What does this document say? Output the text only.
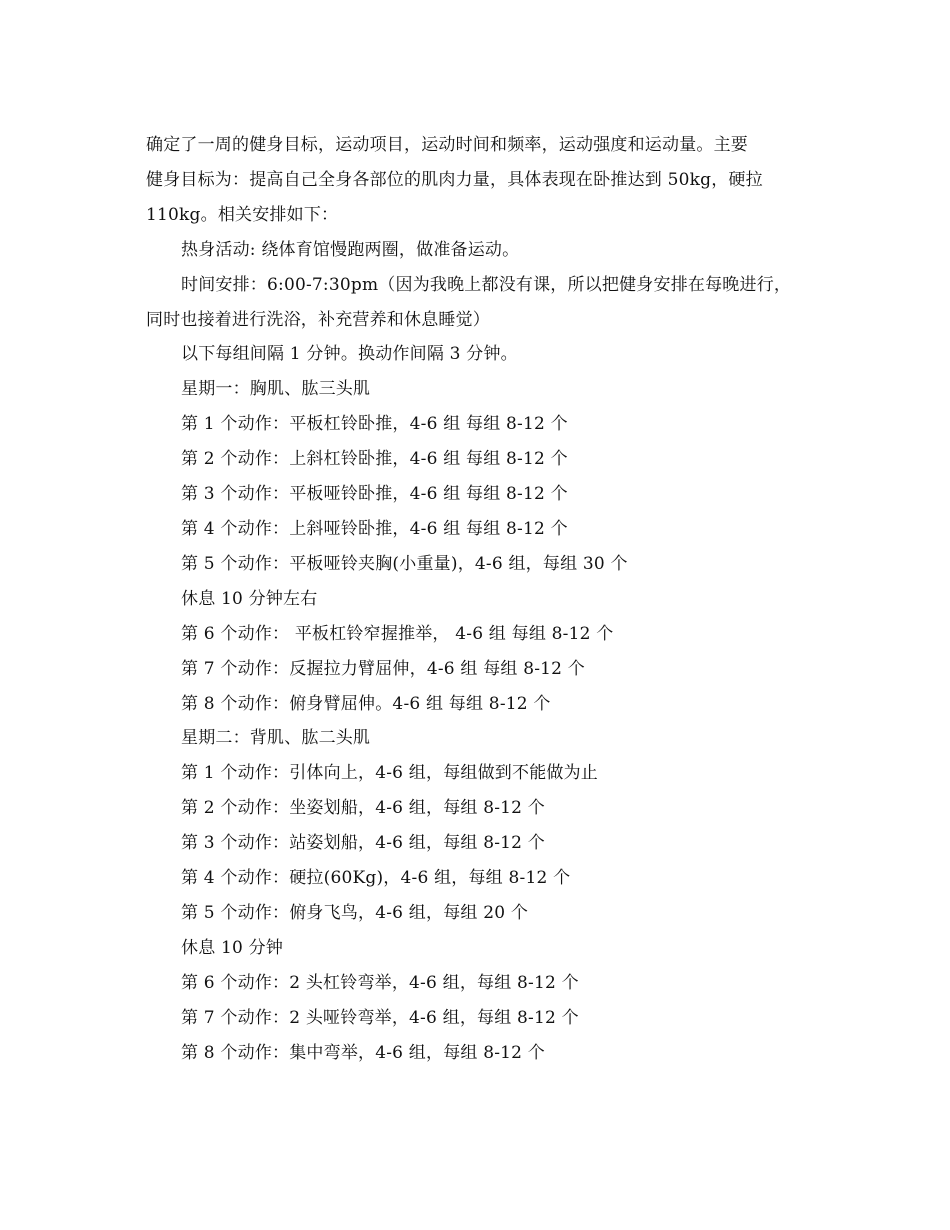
确定了一周的健身目标，运动项目，运动时间和频率，运动强度和运动量。主要

健身目标为：提高自己全身各部位的肌肉力量，具体表现在卧推达到 50kg，硬拉

110kg。相关安排如下：

热身活动: 绕体育馆慢跑两圈，做准备运动。

时间安排：6:00-7:30pm（因为我晚上都没有课，所以把健身安排在每晚进行，

同时也接着进行洗浴，补充营养和休息睡觉）

以下每组间隔 1 分钟。换动作间隔 3 分钟。

星期一：胸肌、肱三头肌

第 1 个动作：平板杠铃卧推，4-6 组 每组 8-12 个

第 2 个动作：上斜杠铃卧推，4-6 组 每组 8-12 个

第 3 个动作：平板哑铃卧推，4-6 组 每组 8-12 个

第 4 个动作：上斜哑铃卧推，4-6 组 每组 8-12 个

第 5 个动作：平板哑铃夹胸(小重量)，4-6 组，每组 30 个

休息 10 分钟左右

第 6 个动作： 平板杠铃窄握推举， 4-6 组 每组 8-12 个

第 7 个动作：反握拉力臂屈伸，4-6 组 每组 8-12 个

第 8 个动作：俯身臂屈伸。4-6 组 每组 8-12 个

星期二：背肌、肱二头肌

第 1 个动作：引体向上，4-6 组，每组做到不能做为止

第 2 个动作：坐姿划船，4-6 组，每组 8-12 个

第 3 个动作：站姿划船，4-6 组，每组 8-12 个

第 4 个动作：硬拉(60Kg)，4-6 组，每组 8-12 个

第 5 个动作：俯身飞鸟，4-6 组，每组 20 个

休息 10 分钟

第 6 个动作：2 头杠铃弯举，4-6 组，每组 8-12 个

第 7 个动作：2 头哑铃弯举，4-6 组，每组 8-12 个

第 8 个动作：集中弯举，4-6 组，每组 8-12 个
